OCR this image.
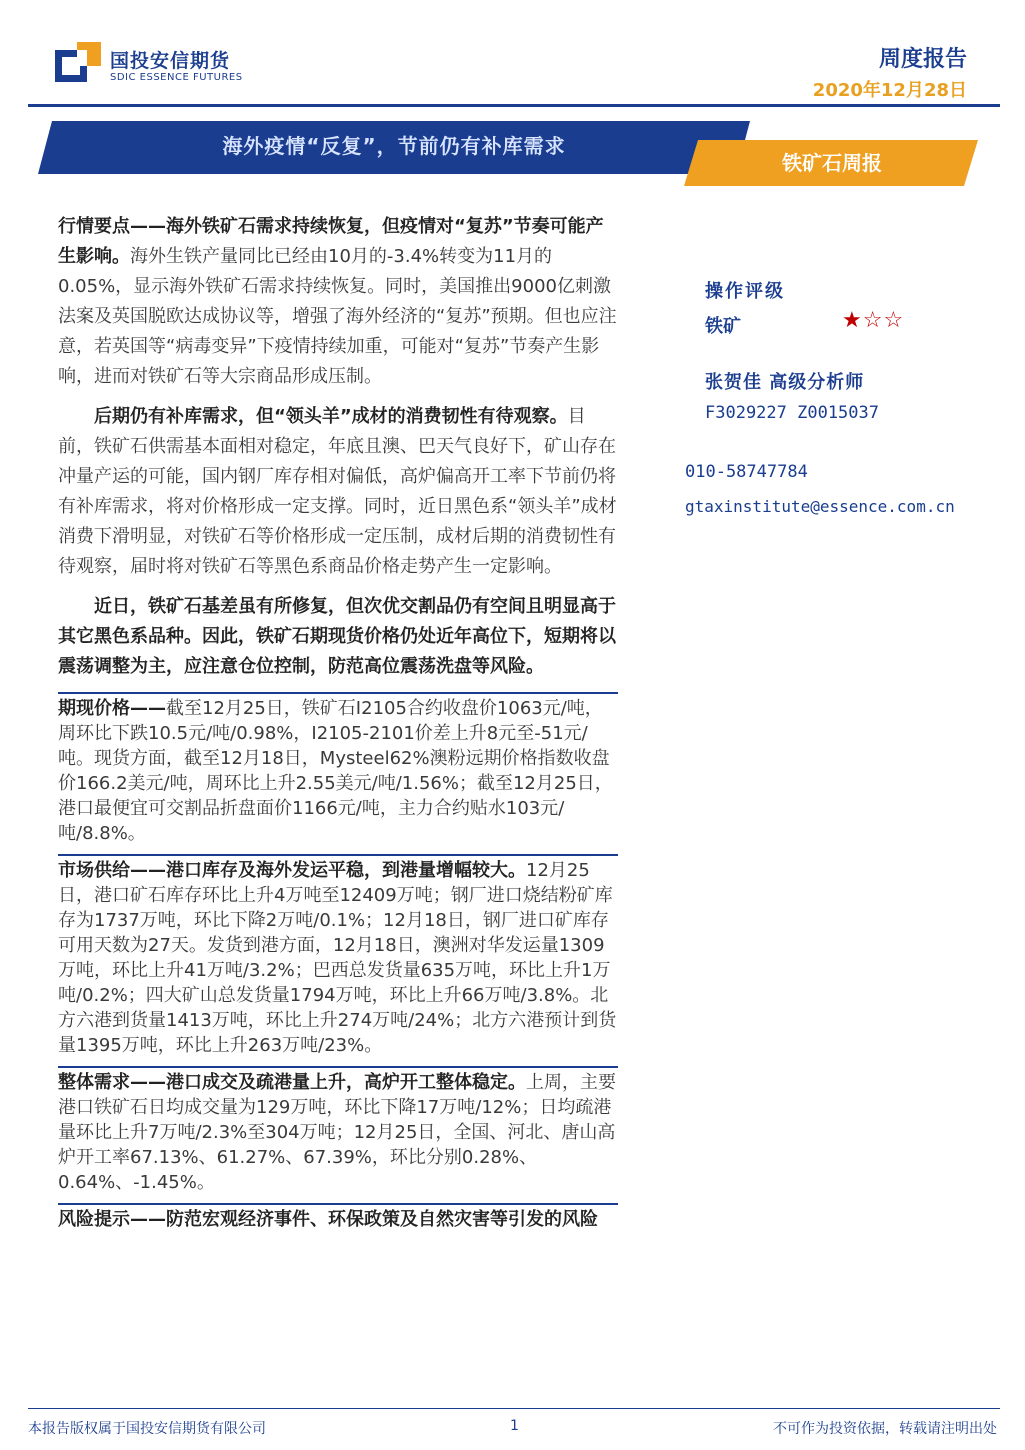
国投安信期货
SDIC ESSENCE FUTURES
周度报告
2020年12月28日
海外疫情“反复”，节前仍有补库需求
铁矿石周报

行情要点——海外铁矿石需求持续恢复，但疫情对“复苏”节奏可能产生影响。海外生铁产量同比已经由10月的-3.4%转变为11月的0.05%，显示海外铁矿石需求持续恢复。同时，美国推出9000亿刺激法案及英国脱欧达成协议等，增强了海外经济的“复苏”预期。但也应注意，若英国等“病毒变异”下疫情持续加重，可能对“复苏”节奏产生影响，进而对铁矿石等大宗商品形成压制。

后期仍有补库需求，但“领头羊”成材的消费韧性有待观察。目前，铁矿石供需基本面相对稳定，年底且澳、巴天气良好下，矿山存在冲量产运的可能，国内钢厂库存相对偏低，高炉偏高开工率下节前仍将有补库需求，将对价格形成一定支撑。同时，近日黑色系“领头羊”成材消费下滑明显，对铁矿石等价格形成一定压制，成材后期的消费韧性有待观察，届时将对铁矿石等黑色系商品价格走势产生一定影响。

近日，铁矿石基差虽有所修复，但次优交割品仍有空间且明显高于其它黑色系品种。因此，铁矿石期现货价格仍处近年高位下，短期将以震荡调整为主，应注意仓位控制，防范高位震荡洗盘等风险。

期现价格——截至12月25日，铁矿石I2105合约收盘价1063元/吨，周环比下跌10.5元/吨/0.98%，I2105-2101价差上升8元至-51元/吨。现货方面，截至12月18日，Mysteel62%澳粉远期价格指数收盘价166.2美元/吨，周环比上升2.55美元/吨/1.56%；截至12月25日，港口最便宜可交割品折盘面价1166元/吨，主力合约贴水103元/吨/8.8%。

市场供给——港口库存及海外发运平稳，到港量增幅较大。12月25日，港口矿石库存环比上升4万吨至12409万吨；钢厂进口烧结粉矿库存为1737万吨，环比下降2万吨/0.1%；12月18日，钢厂进口矿库存可用天数为27天。发货到港方面，12月18日，澳洲对华发运量1309万吨，环比上升41万吨/3.2%；巴西总发货量635万吨，环比上升1万吨/0.2%；四大矿山总发货量1794万吨，环比上升66万吨/3.8%。北方六港到货量1413万吨，环比上升274万吨/24%；北方六港预计到货量1395万吨，环比上升263万吨/23%。

整体需求——港口成交及疏港量上升，高炉开工整体稳定。上周，主要港口铁矿石日均成交量为129万吨，环比下降17万吨/12%；日均疏港量环比上升7万吨/2.3%至304万吨；12月25日，全国、河北、唐山高炉开工率67.13%、61.27%、67.39%，环比分别0.28%、0.64%、-1.45%。

风险提示——防范宏观经济事件、环保政策及自然灾害等引发的风险

操作评级
铁矿	★☆☆
张贺佳 高级分析师
F3029227 Z0015037
010-58747784
gtaxinstitute@essence.com.cn
本报告版权属于国投安信期货有限公司	1	不可作为投资依据，转载请注明出处
